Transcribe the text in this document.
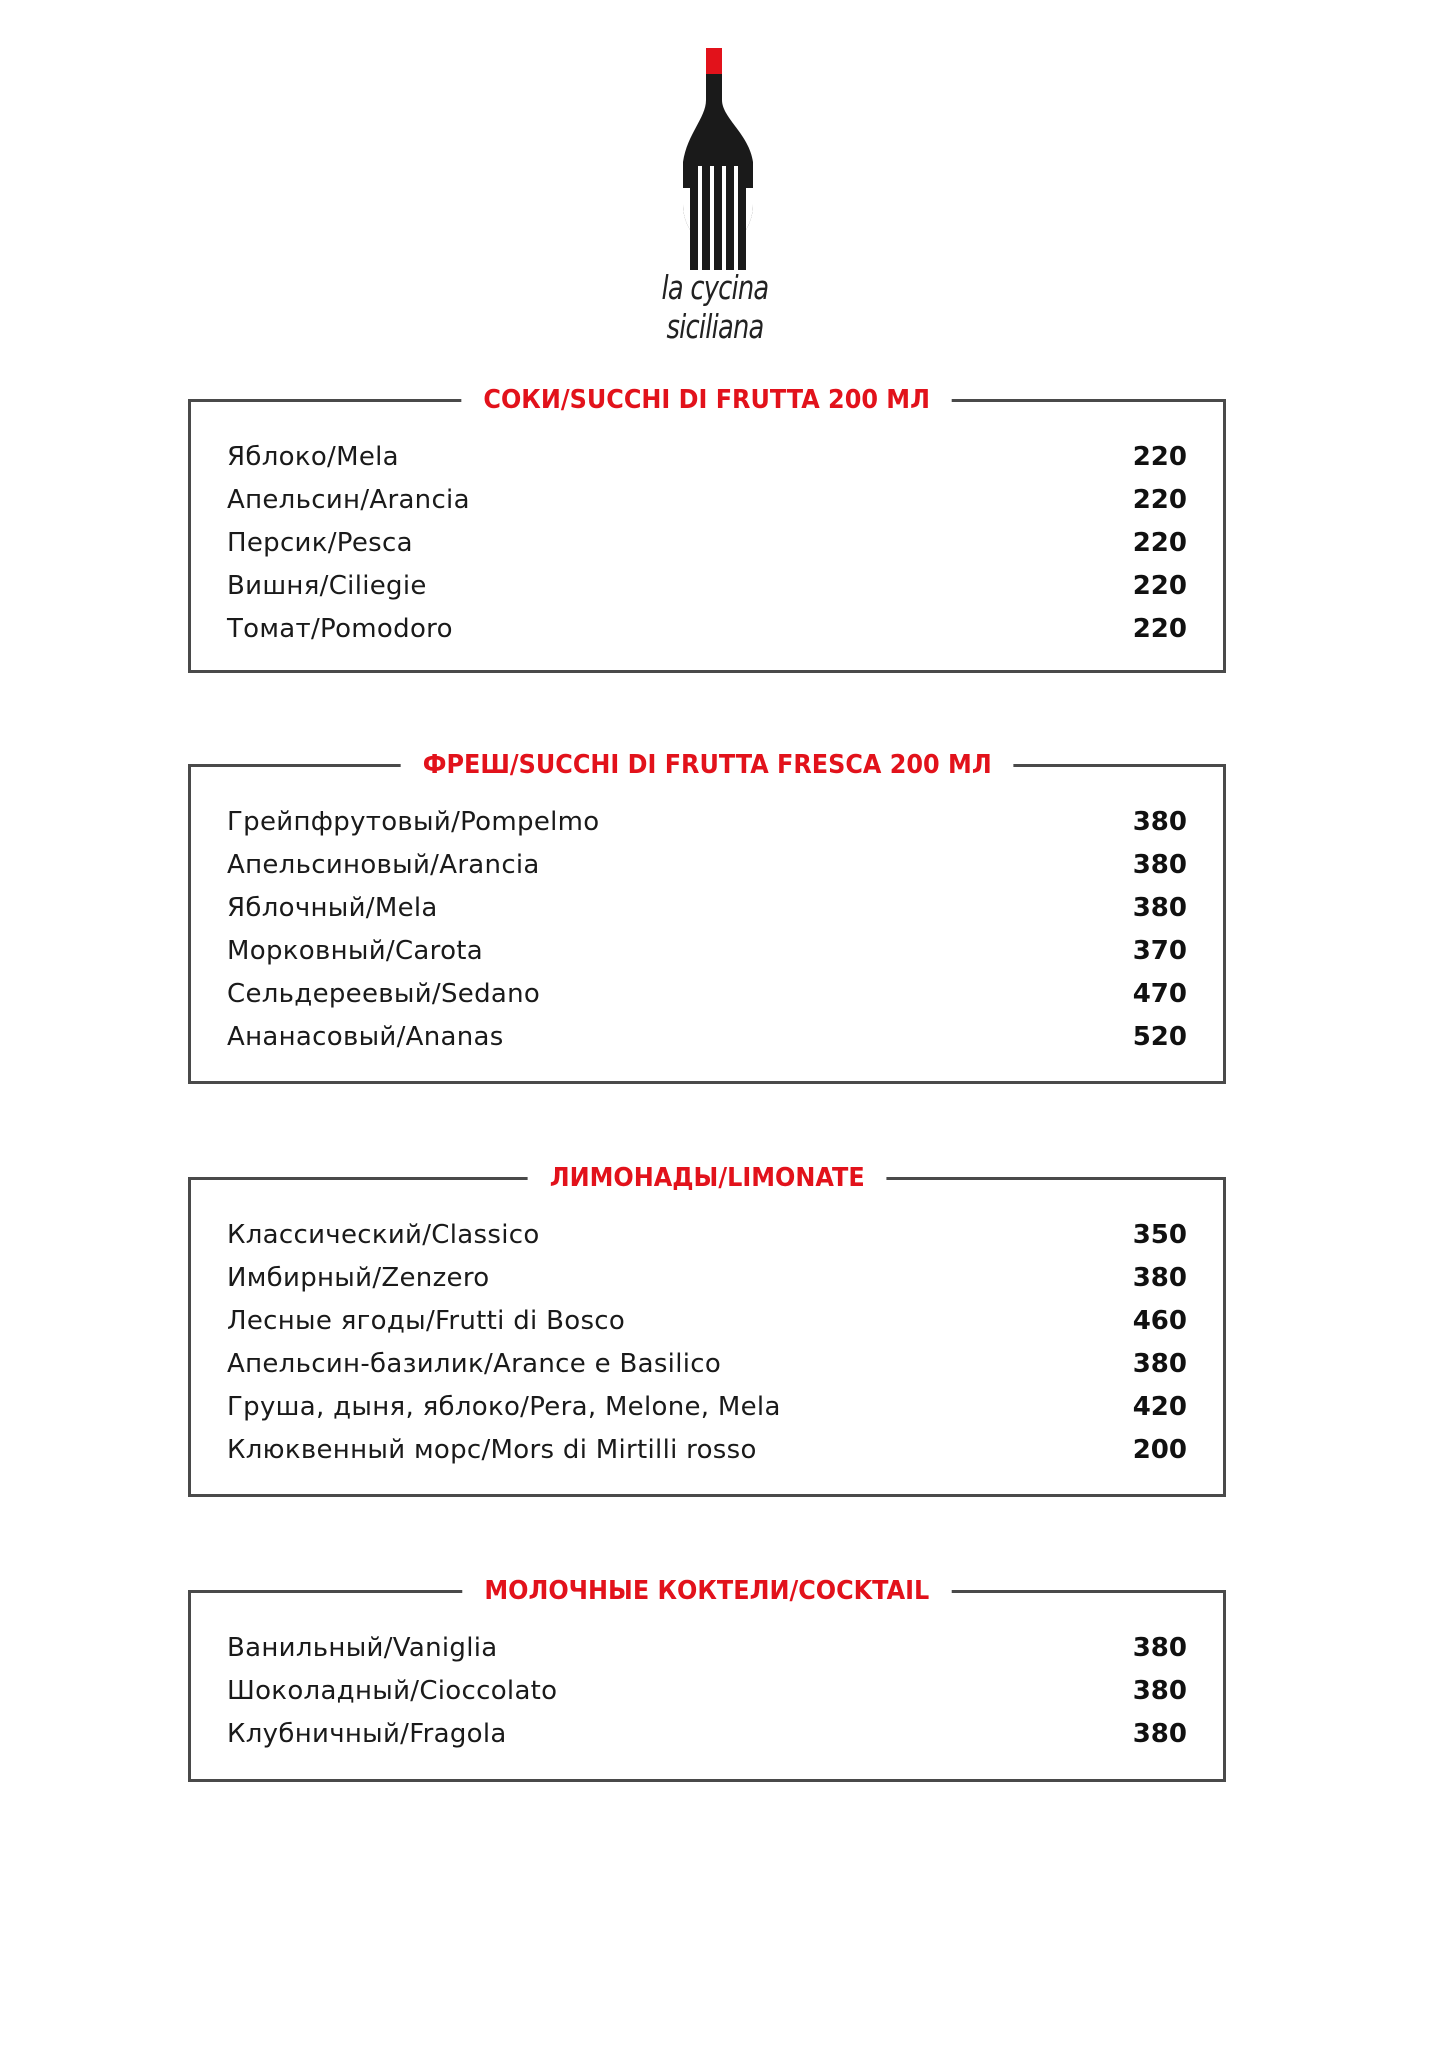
la cycina siciliana
СОКИ/SUCCHI DI FRUTTA 200 МЛ
Яблоко/Mela	220
Апельсин/Arancia	220
Персик/Pesca	220
Вишня/Ciliegie	220
Томат/Pomodoro	220
ФРЕШ/SUCCHI DI FRUTTA FRESCA 200 МЛ
Грейпфрутовый/Pompelmo	380
Апельсиновый/Arancia	380
Яблочный/Mela	380
Морковный/Carota	370
Сельдереевый/Sedano	470
Ананасовый/Ananas	520
ЛИМОНАДЫ/LIMONATE
Классический/Classico	350
Имбирный/Zenzero	380
Лесные ягоды/Frutti di Bosco	460
Апельсин-базилик/Arance e Basilico	380
Груша, дыня, яблоко/Pera, Melone, Mela	420
Клюквенный морс/Mors di Mirtilli rosso	200
МОЛОЧНЫЕ КОКТЕЛИ/COCKTAIL
Ванильный/Vaniglia	380
Шоколадный/Cioccolato	380
Клубничный/Fragola	380
